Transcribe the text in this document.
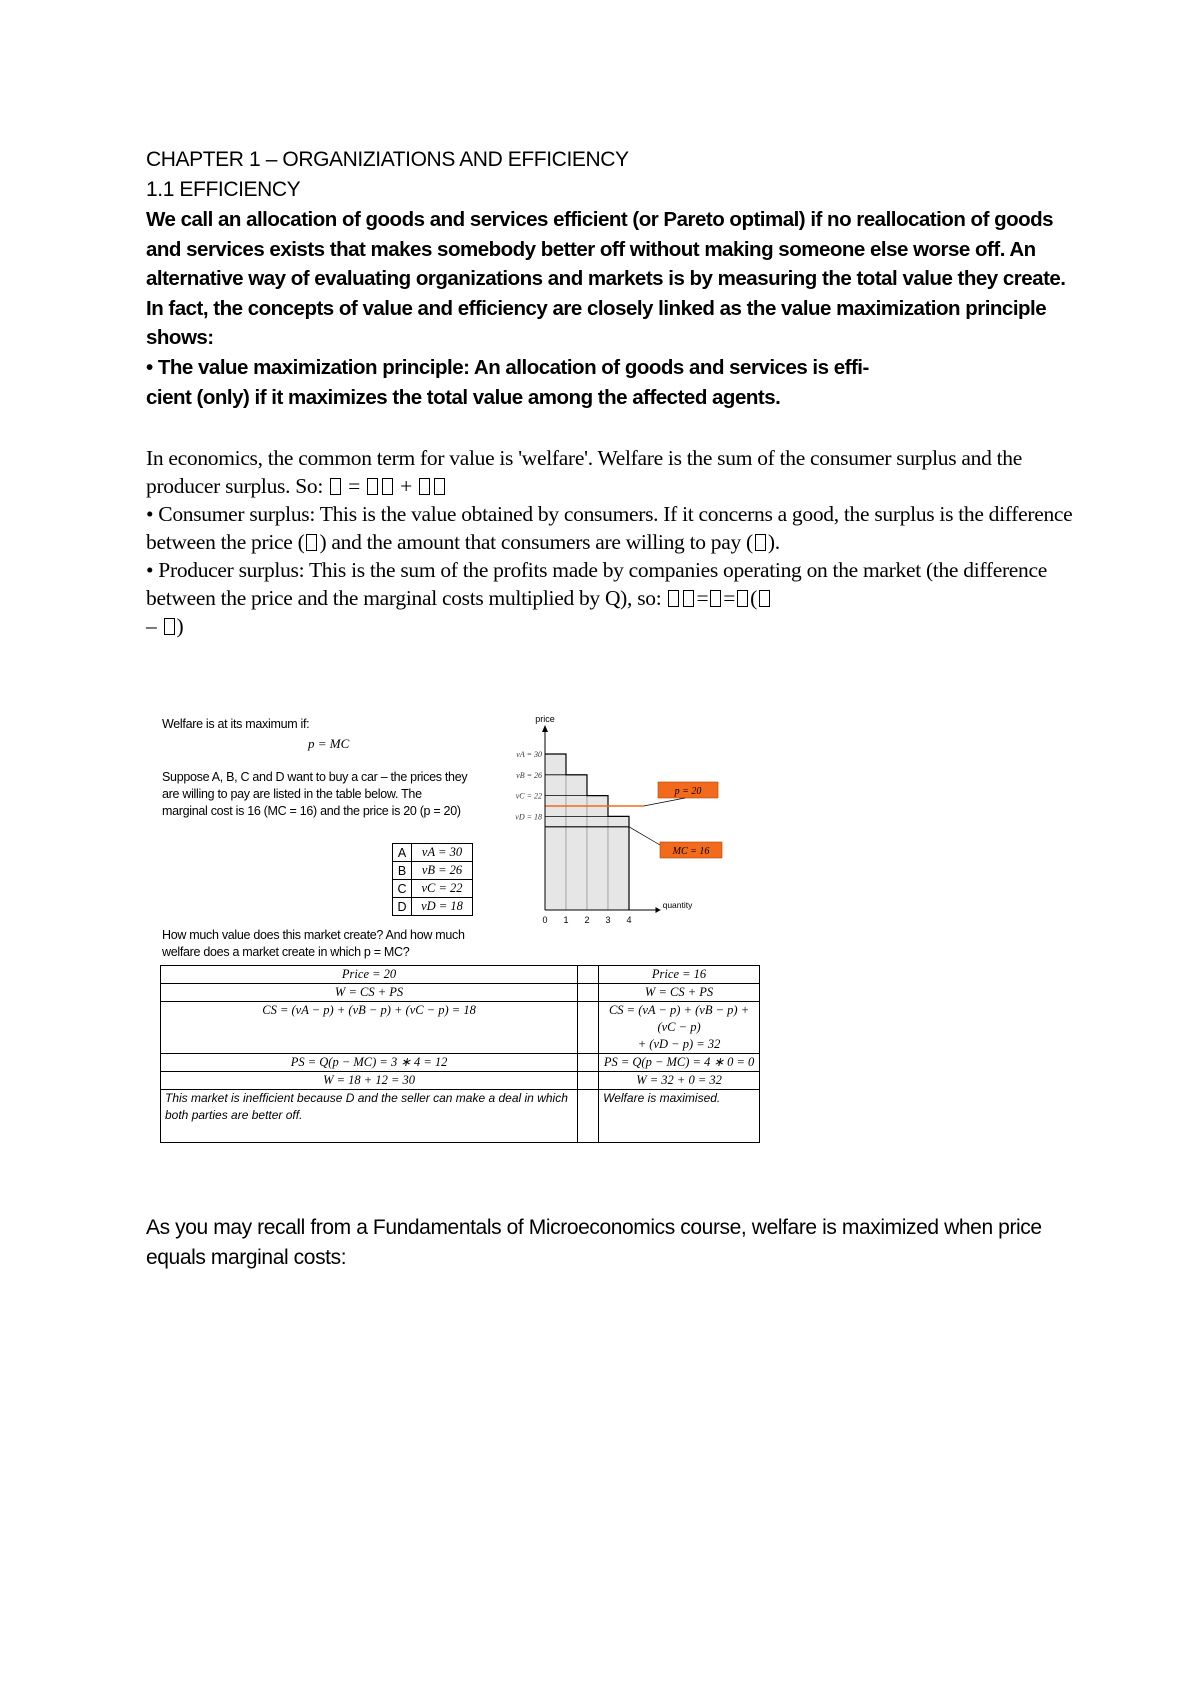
CHAPTER 1 – ORGANIZIATIONS AND EFFICIENCY
1.1 EFFICIENCY
We call an allocation of goods and services efficient (or Pareto optimal) if no reallocation of goods and services exists that makes somebody better off without making someone else worse off. An alternative way of evaluating organizations and markets is by measuring the total value they create. In fact, the concepts of value and efficiency are closely linked as the value maximization principle shows:
• The value maximization principle: An allocation of goods and services is effi-
cient (only) if it maximizes the total value among the affected agents.
In economics, the common term for value is 'welfare'. Welfare is the sum of the consumer surplus and the producer surplus. So:  =  +
• Consumer surplus: This is the value obtained by consumers. If it concerns a good, the surplus is the difference between the price ( ) and the amount that consumers are willing to pay ( ).
• Producer surplus: This is the sum of the profits made by companies operating on the market (the difference between the price and the marginal costs multiplied by Q), so: = = (
– )
Welfare is at its maximum if:
p = MC
Suppose A, B, C and D want to buy a car – the prices they
are willing to pay are listed in the table below. The
marginal cost is 16 (MC = 16) and the price is 20 (p = 20)
A	vA = 30
B	vB = 26
C	vC = 22
D	vD = 18
vA = 30
vB = 26
vC = 22
vD = 18
p = 20
MC = 16
price
quantity
0 1 2 3 4
How much value does this market create? And how much
welfare does a market create in which p = MC?
Price = 20		Price = 16
W = CS + PS		W = CS + PS
CS = (vA − p) + (vB − p) + (vC − p) = 18		CS = (vA − p) + (vB − p) + (vC − p)
+ (vD − p) = 32

PS = Q(p − MC) = 3 ∗ 4 = 12		PS = Q(p − MC) = 4 ∗ 0 = 0
W = 18 + 12 = 30		W = 32 + 0 = 32
This market is inefficient because D and the seller can make a deal in which both parties are better off.		Welfare is maximised.
As you may recall from a Fundamentals of Microeconomics course, welfare is maximized when price equals marginal costs:
